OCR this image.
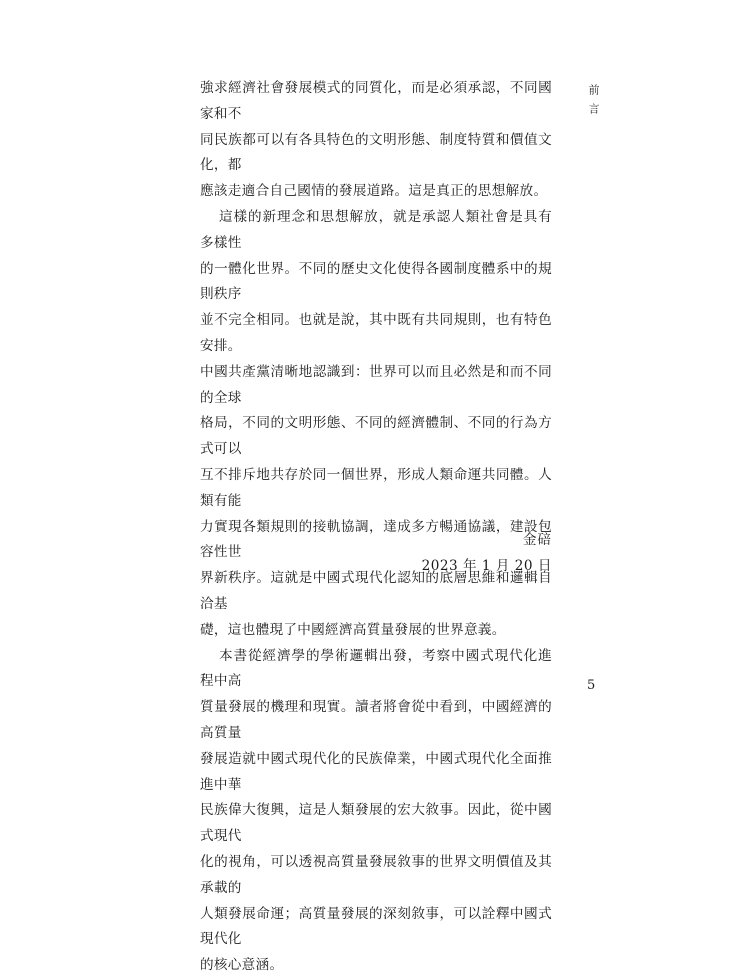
強求經濟社會發展模式的同質化，而是必須承認，不同國家和不
同民族都可以有各具特色的文明形態、制度特質和價值文化，都
應該走適合自己國情的發展道路。這是真正的思想解放。

這樣的新理念和思想解放，就是承認人類社會是具有多樣性
的一體化世界。不同的歷史文化使得各國制度體系中的規則秩序
並不完全相同。也就是說，其中既有共同規則，也有特色安排。
中國共產黨清晰地認識到：世界可以而且必然是和而不同的全球
格局，不同的文明形態、不同的經濟體制、不同的行為方式可以
互不排斥地共存於同一個世界，形成人類命運共同體。人類有能
力實現各類規則的接軌協調，達成多方暢通協議，建設包容性世
界新秩序。這就是中國式現代化認知的底層思維和邏輯自洽基
礎，這也體現了中國經濟高質量發展的世界意義。

本書從經濟學的學術邏輯出發，考察中國式現代化進程中高
質量發展的機理和現實。讀者將會從中看到，中國經濟的高質量
發展造就中國式現代化的民族偉業，中國式現代化全面推進中華
民族偉大復興，這是人類發展的宏大敘事。因此，從中國式現代
化的視角，可以透視高質量發展敘事的世界文明價值及其承載的
人類發展命運；高質量發展的深刻敘事，可以詮釋中國式現代化
的核心意涵。

前言
金碚
2023 年 1 月 20 日
5
